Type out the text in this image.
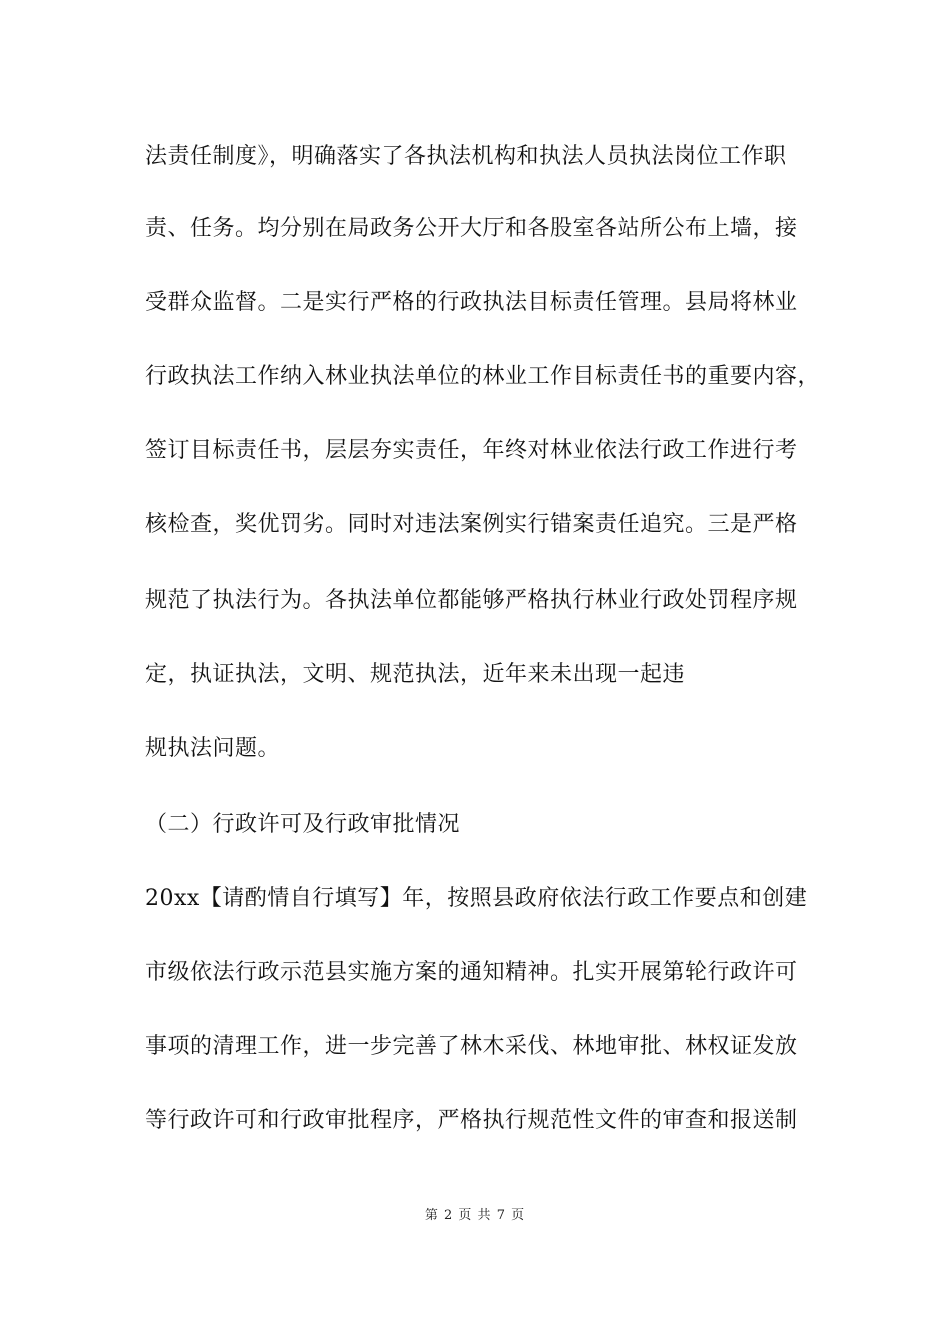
法责任制度》，明确落实了各执法机构和执法人员执法岗位工作职
责、任务。均分别在局政务公开大厅和各股室各站所公布上墙，接
受群众监督。二是实行严格的行政执法目标责任管理。县局将林业
行政执法工作纳入林业执法单位的林业工作目标责任书的重要内容，
签订目标责任书，层层夯实责任，年终对林业依法行政工作进行考
核检查，奖优罚劣。同时对违法案例实行错案责任追究。三是严格
规范了执法行为。各执法单位都能够严格执行林业行政处罚程序规
定，执证执法，文明、规范执法，近年来未出现一起违
规执法问题。
（二）行政许可及行政审批情况
20xx【请酌情自行填写】年，按照县政府依法行政工作要点和创建
市级依法行政示范县实施方案的通知精神。扎实开展第轮行政许可
事项的清理工作，进一步完善了林木采伐、林地审批、林权证发放
等行政许可和行政审批程序，严格执行规范性文件的审查和报送制
第 2 页 共 7 页
